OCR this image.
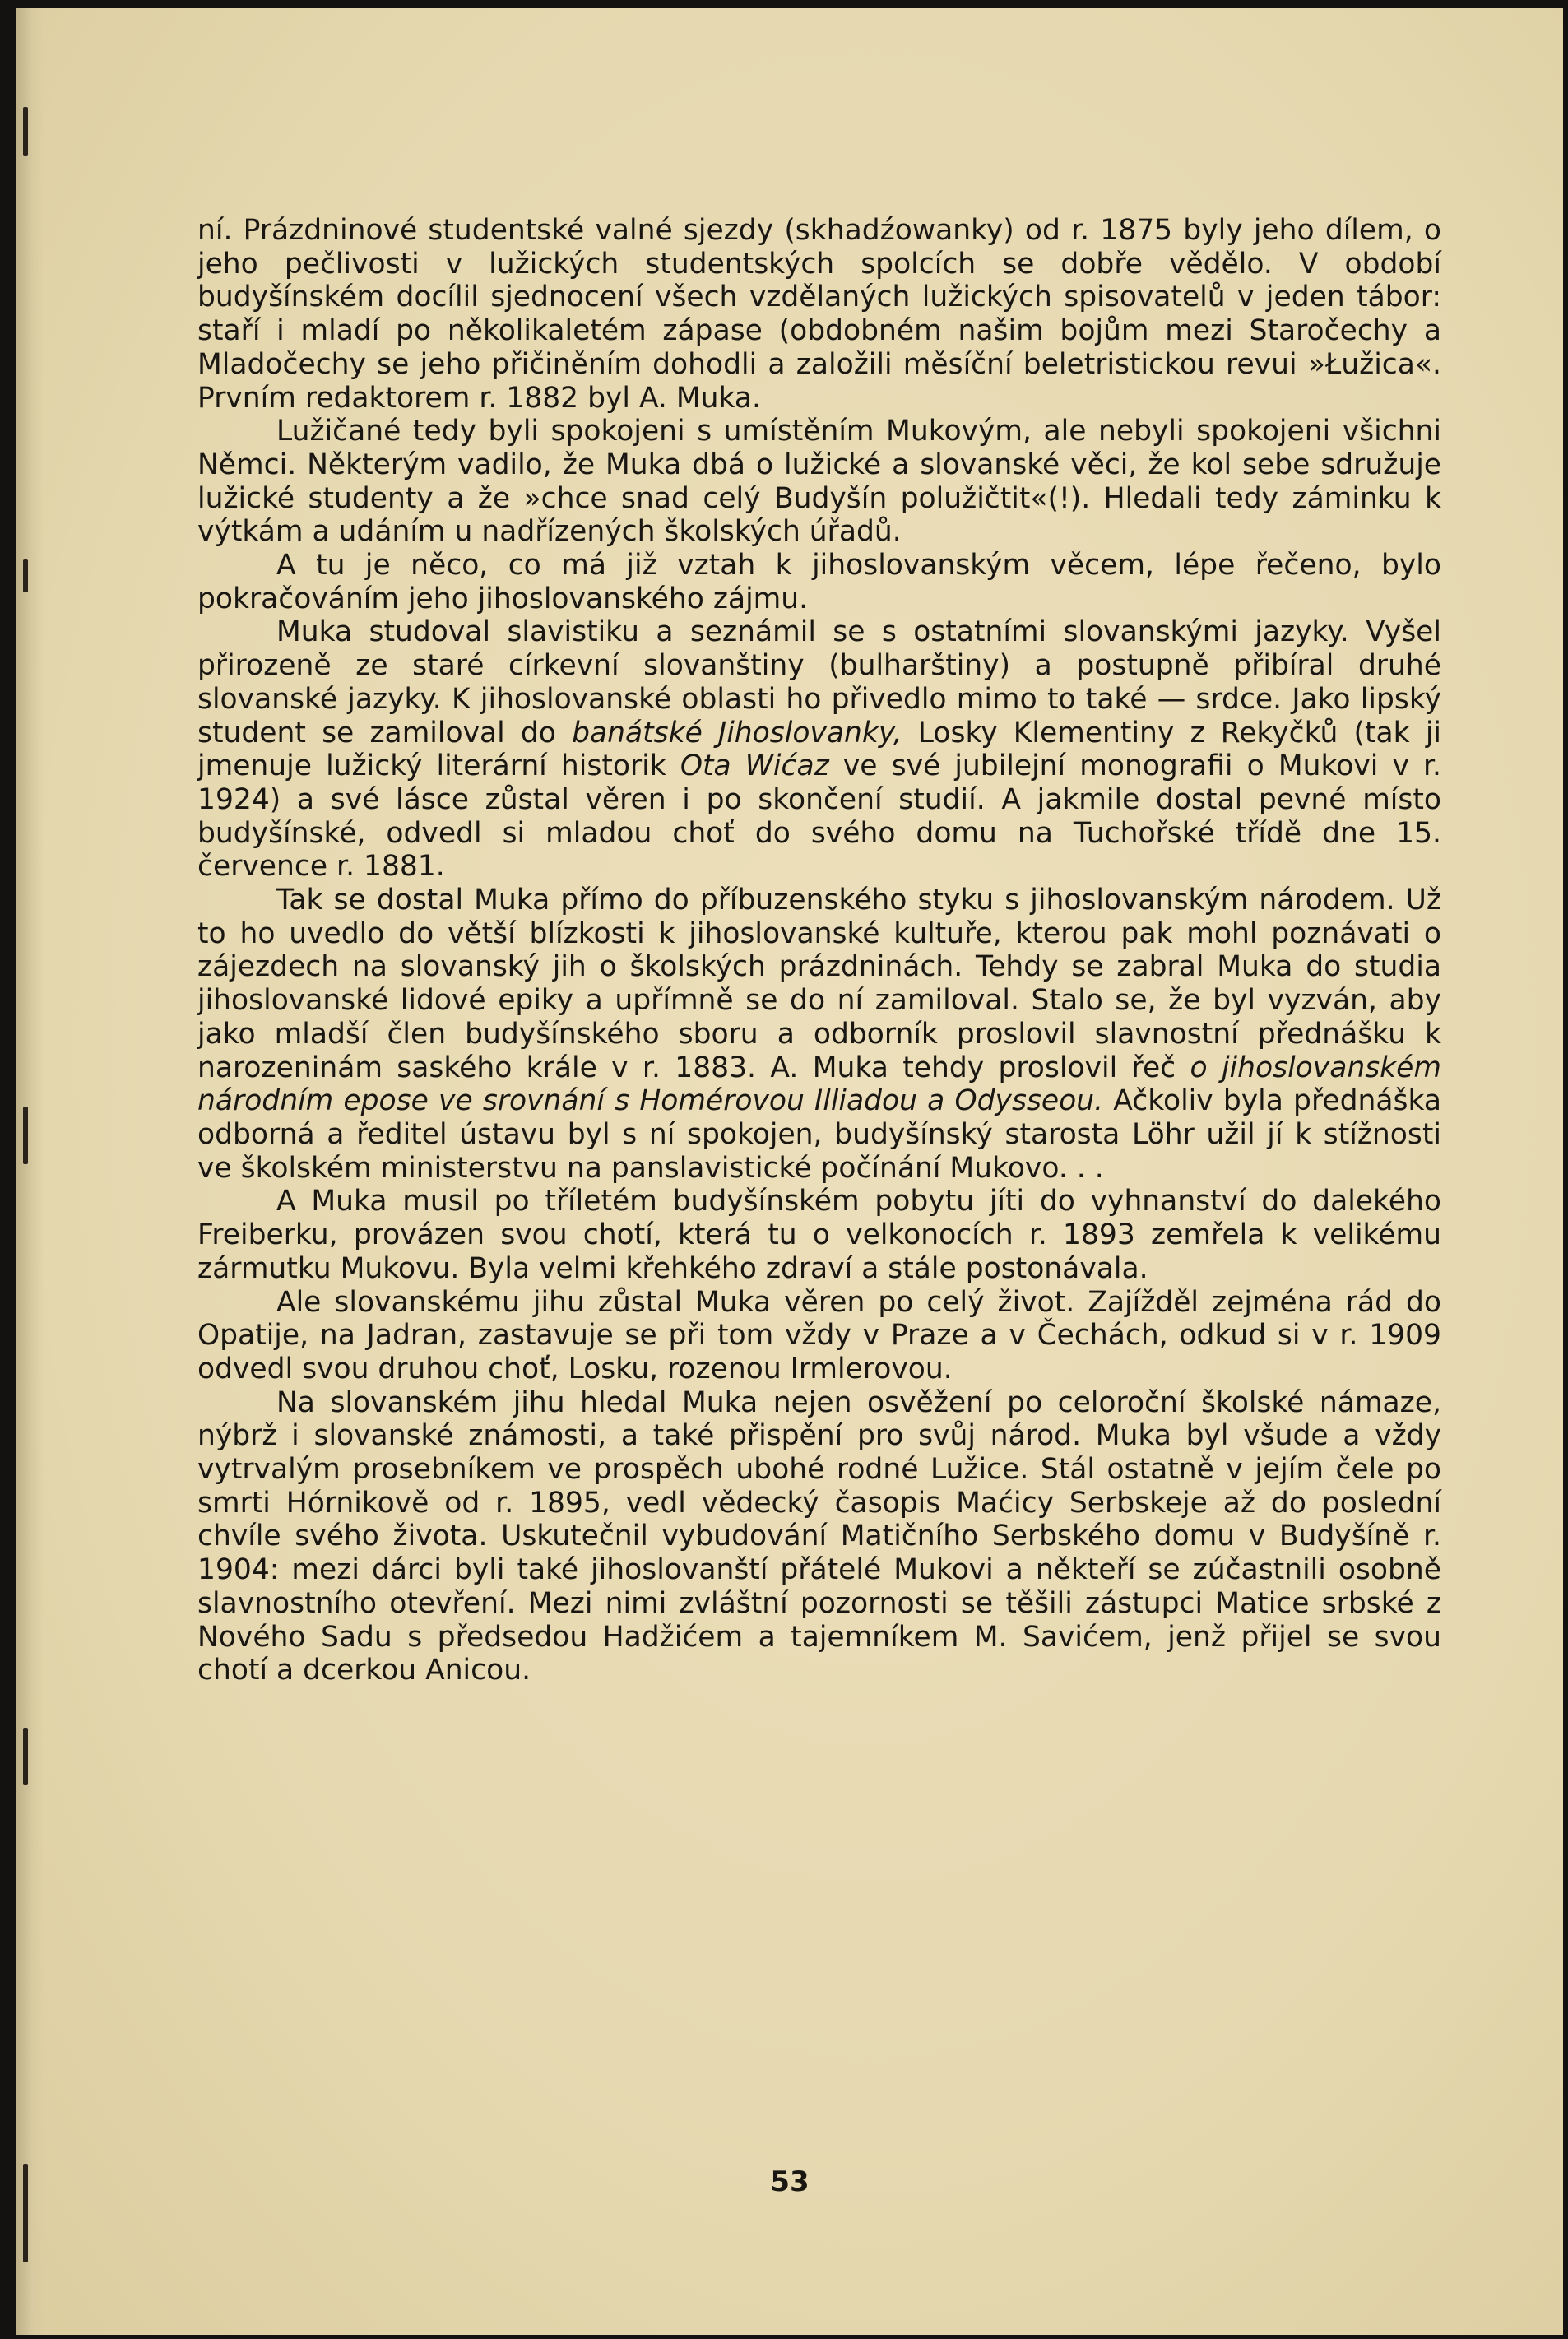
ní. Prázdninové studentské valné sjezdy (skhadźowanky) od r. 1875 byly jeho dílem, o jeho pečlivosti v lužických studentských spolcích se dobře vědělo. V období budyšínském docílil sjednocení všech vzdělaných lužických spisovatelů v jeden tábor: staří i mladí po několikaletém zápase (obdobném našim bojům mezi Staročechy a Mladočechy se jeho přičiněním dohodli a založili měsíční beletristickou revui »Łužica«. Prvním redaktorem r. 1882 byl A. Muka.

Lužičané tedy byli spokojeni s umístěním Mukovým, ale nebyli spokojeni všichni Němci. Některým vadilo, že Muka dbá o lužické a slovanské věci, že kol sebe sdružuje lužické studenty a že »chce snad celý Budyšín polužičtit«(!). Hledali tedy záminku k výtkám a udáním u nadřízených školských úřadů.

A tu je něco, co má již vztah k jihoslovanským věcem, lépe řečeno, bylo pokračováním jeho jihoslovanského zájmu.

Muka studoval slavistiku a seznámil se s ostatními slovanskými jazyky. Vyšel přirozeně ze staré církevní slovanštiny (bulharštiny) a postupně přibíral druhé slovanské jazyky. K jihoslovanské oblasti ho přivedlo mimo to také — srdce. Jako lipský student se zamiloval do banátské Jihoslovanky, Losky Klementiny z Rekyčků (tak ji jmenuje lužický literární historik Ota Wićaz ve své jubilejní monografii o Mukovi v r. 1924) a své lásce zůstal věren i po skončení studií. A jakmile dostal pevné místo budyšínské, odvedl si mladou choť do svého domu na Tuchořské třídě dne 15. července r. 1881.

Tak se dostal Muka přímo do příbuzenského styku s jihoslovanským národem. Už to ho uvedlo do větší blízkosti k jihoslovanské kultuře, kterou pak mohl poznávati o zájezdech na slovanský jih o školských prázdninách. Tehdy se zabral Muka do studia jihoslovanské lidové epiky a upřímně se do ní zamiloval. Stalo se, že byl vyzván, aby jako mladší člen budyšínského sboru a odborník proslovil slavnostní přednášku k narozeninám saského krále v r. 1883. A. Muka tehdy proslovil řeč o jihoslovanském národním epose ve srovnání s Homérovou Illiadou a Odysseou. Ačkoliv byla přednáška odborná a ředitel ústavu byl s ní spokojen, budyšínský starosta Löhr užil jí k stížnosti ve školském ministerstvu na panslavistické počínání Mukovo. . .

A Muka musil po tříletém budyšínském pobytu jíti do vyhnanství do dalekého Freiberku, provázen svou chotí, která tu o velkonocích r. 1893 zemřela k velikému zármutku Mukovu. Byla velmi křehkého zdraví a stále postonávala.

Ale slovanskému jihu zůstal Muka věren po celý život. Zajížděl zejména rád do Opatije, na Jadran, zastavuje se při tom vždy v Praze a v Čechách, odkud si v r. 1909 odvedl svou druhou choť, Losku, rozenou Irmlerovou.

Na slovanském jihu hledal Muka nejen osvěžení po celoroční školské námaze, nýbrž i slovanské známosti, a také přispění pro svůj národ. Muka byl všude a vždy vytrvalým prosebníkem ve prospěch ubohé rodné Lužice. Stál ostatně v jejím čele po smrti Hórnikově od r. 1895, vedl vědecký časopis Maćicy Serbskeje až do poslední chvíle svého života. Uskutečnil vybudování Matičního Serbského domu v Budyšíně r. 1904: mezi dárci byli také jihoslovanští přátelé Mukovi a někteří se zúčastnili osobně slavnostního otevření. Mezi nimi zvláštní pozornosti se těšili zástupci Matice srbské z Nového Sadu s předsedou Hadžićem a tajemníkem M. Savićem, jenž přijel se svou chotí a dcerkou Anicou.

53
